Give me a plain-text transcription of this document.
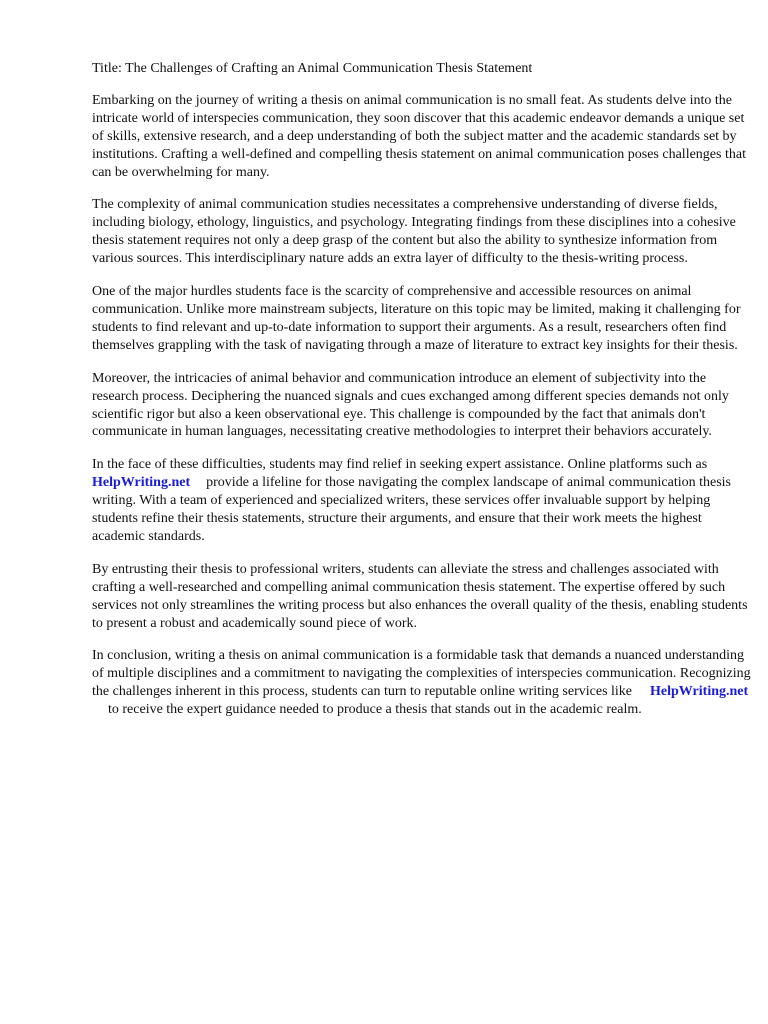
Title: The Challenges of Crafting an Animal Communication Thesis Statement

Embarking on the journey of writing a thesis on animal communication is no small feat. As students delve into the intricate world of interspecies communication, they soon discover that this academic endeavor demands a unique set of skills, extensive research, and a deep understanding of both the subject matter and the academic standards set by institutions. Crafting a well-defined and compelling thesis statement on animal communication poses challenges that can be overwhelming for many.

The complexity of animal communication studies necessitates a comprehensive understanding of diverse fields, including biology, ethology, linguistics, and psychology. Integrating findings from these disciplines into a cohesive thesis statement requires not only a deep grasp of the content but also the ability to synthesize information from various sources. This interdisciplinary nature adds an extra layer of difficulty to the thesis-writing process.

One of the major hurdles students face is the scarcity of comprehensive and accessible resources on animal communication. Unlike more mainstream subjects, literature on this topic may be limited, making it challenging for students to find relevant and up-to-date information to support their arguments. As a result, researchers often find themselves grappling with the task of navigating through a maze of literature to extract key insights for their thesis.

Moreover, the intricacies of animal behavior and communication introduce an element of subjectivity into the research process. Deciphering the nuanced signals and cues exchanged among different species demands not only scientific rigor but also a keen observational eye. This challenge is compounded by the fact that animals don't communicate in human languages, necessitating creative methodologies to interpret their behaviors accurately.

In the face of these difficulties, students may find relief in seeking expert assistance. Online platforms such asHelpWriting.net provide a lifeline for those navigating the complex landscape of animal communication thesis writing. With a team of experienced and specialized writers, these services offer invaluable support by helping students refine their thesis statements, structure their arguments, and ensure that their work meets the highest academic standards.

By entrusting their thesis to professional writers, students can alleviate the stress and challenges associated with crafting a well-researched and compelling animal communication thesis statement. The expertise offered by such services not only streamlines the writing process but also enhances the overall quality of the thesis, enabling students to present a robust and academically sound piece of work.

In conclusion, writing a thesis on animal communication is a formidable task that demands a nuanced understanding of multiple disciplines and a commitment to navigating the complexities of interspecies communication. Recognizing the challenges inherent in this process, students can turn to reputable online writing services like HelpWriting.netto receive the expert guidance needed to produce a thesis that stands out in the academic realm.
